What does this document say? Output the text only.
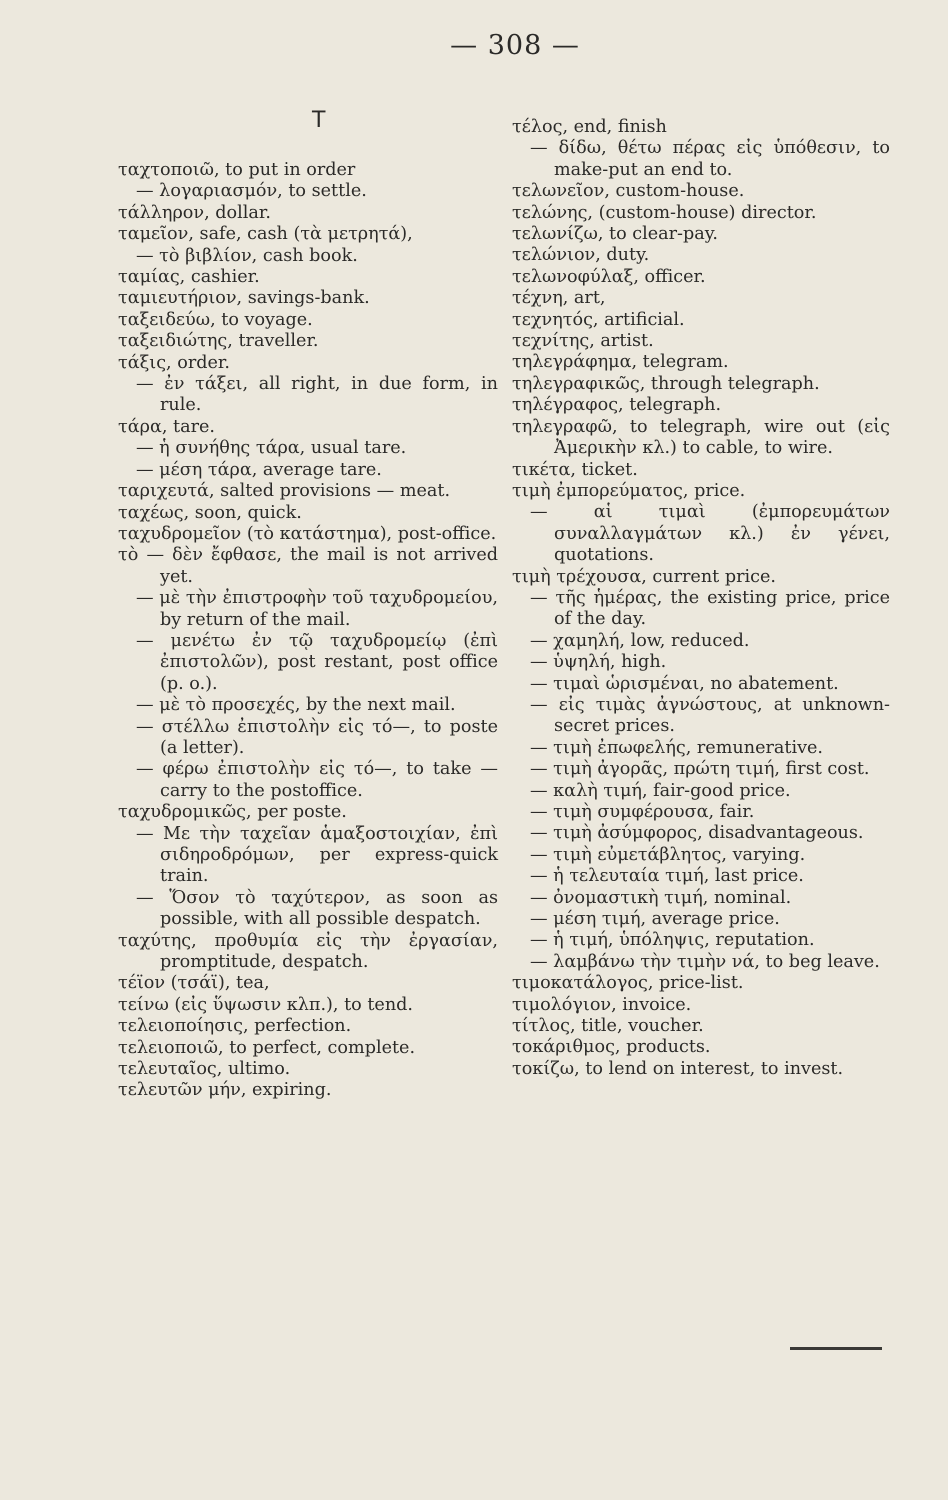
— 308 —
T
ταχτοποιῶ, to put in order
— λογαριασμόν, to settle.
τάλληρον, dollar.
ταμεῖον, safe, cash (τὰ μετρητά),
— τὸ βιβλίον, cash book.
ταμίας, cashier.
ταμιευτήριον, savings-bank.
ταξειδεύω, to voyage.
ταξειδιώτης, traveller.
τάξις, order.
— ἐν τάξει, all right, in due form, in rule.
τάρα, tare.
— ἡ συνήθης τάρα, usual tare.
— μέση τάρα, average tare.
ταριχευτά, salted provisions — meat.
ταχέως, soon, quick.
ταχυδρομεῖον (τὸ κατάστημα), post-office.
τὸ — δὲν ἔφθασε, the mail is not arrived yet.
— μὲ τὴν ἐπιστροφὴν τοῦ ταχυδρομείου, by return of the mail.
— μενέτω ἐν τῷ ταχυδρομείῳ (ἐπὶ ἐπιστολῶν), post restant, post office (p. o.).
— μὲ τὸ προσεχές, by the next mail.
— στέλλω ἐπιστολὴν εἰς τό—, to poste (a letter).
— φέρω ἐπιστολὴν εἰς τό—, to take —carry to the postoffice.
ταχυδρομικῶς, per poste.
— Με τὴν ταχεῖαν ἁμαξοστοιχίαν, ἐπὶ σιδηροδρόμων, per express-quick train.
— Ὅσον τὸ ταχύτερον, as soon as possible, with all possible despatch.
ταχύτης, προθυμία εἰς τὴν ἐργασίαν, promptitude, despatch.
τέϊον (τσάϊ), tea,
τείνω (εἰς ὕψωσιν κλπ.), to tend.
τελειοποίησις, perfection.
τελειοποιῶ, to perfect, complete.
τελευταῖος, ultimo.
τελευτῶν μήν, expiring.
τέλος, end, finish
— δίδω, θέτω πέρας εἰς ὑπόθεσιν, to make-put an end to.
τελωνεῖον, custom-house.
τελώνης, (custom-house) director.
τελωνίζω, to clear-pay.
τελώνιον, duty.
τελωνοφύλαξ, officer.
τέχνη, art,
τεχνητός, artificial.
τεχνίτης, artist.
τηλεγράφημα, telegram.
τηλεγραφικῶς, through telegraph.
τηλέγραφος, telegraph.
τηλεγραφῶ, to telegraph, wire out (εἰς Ἀμερικὴν κλ.) to cable, to wire.
τικέτα, ticket.
τιμὴ ἐμπορεύματος, price.
— αἱ τιμαὶ (ἐμπορευμάτων συναλλαγμάτων κλ.) ἐν γένει, quotations.
τιμὴ τρέχουσα, current price.
— τῆς ἡμέρας, the existing price, price of the day.
— χαμηλή, low, reduced.
— ὑψηλή, high.
— τιμαὶ ὡρισμέναι, no abatement.
— εἰς τιμὰς ἀγνώστους, at unknown-secret prices.
— τιμὴ ἐπωφελής, remunerative.
— τιμὴ ἀγορᾶς, πρώτη τιμή, first cost.
— καλὴ τιμή, fair-good price.
— τιμὴ συμφέρουσα, fair.
— τιμὴ ἀσύμφορος, disadvantageous.
— τιμὴ εὐμετάβλητος, varying.
— ἡ τελευταία τιμή, last price.
— ὀνομαστικὴ τιμή, nominal.
— μέση τιμή, average price.
— ἡ τιμή, ὑπόληψις, reputation.
— λαμβάνω τὴν τιμὴν νά, to beg leave.
τιμοκατάλογος, price-list.
τιμολόγιον, invoice.
τίτλος, title, voucher.
τοκάριθμος, products.
τοκίζω, to lend on interest, to invest.
